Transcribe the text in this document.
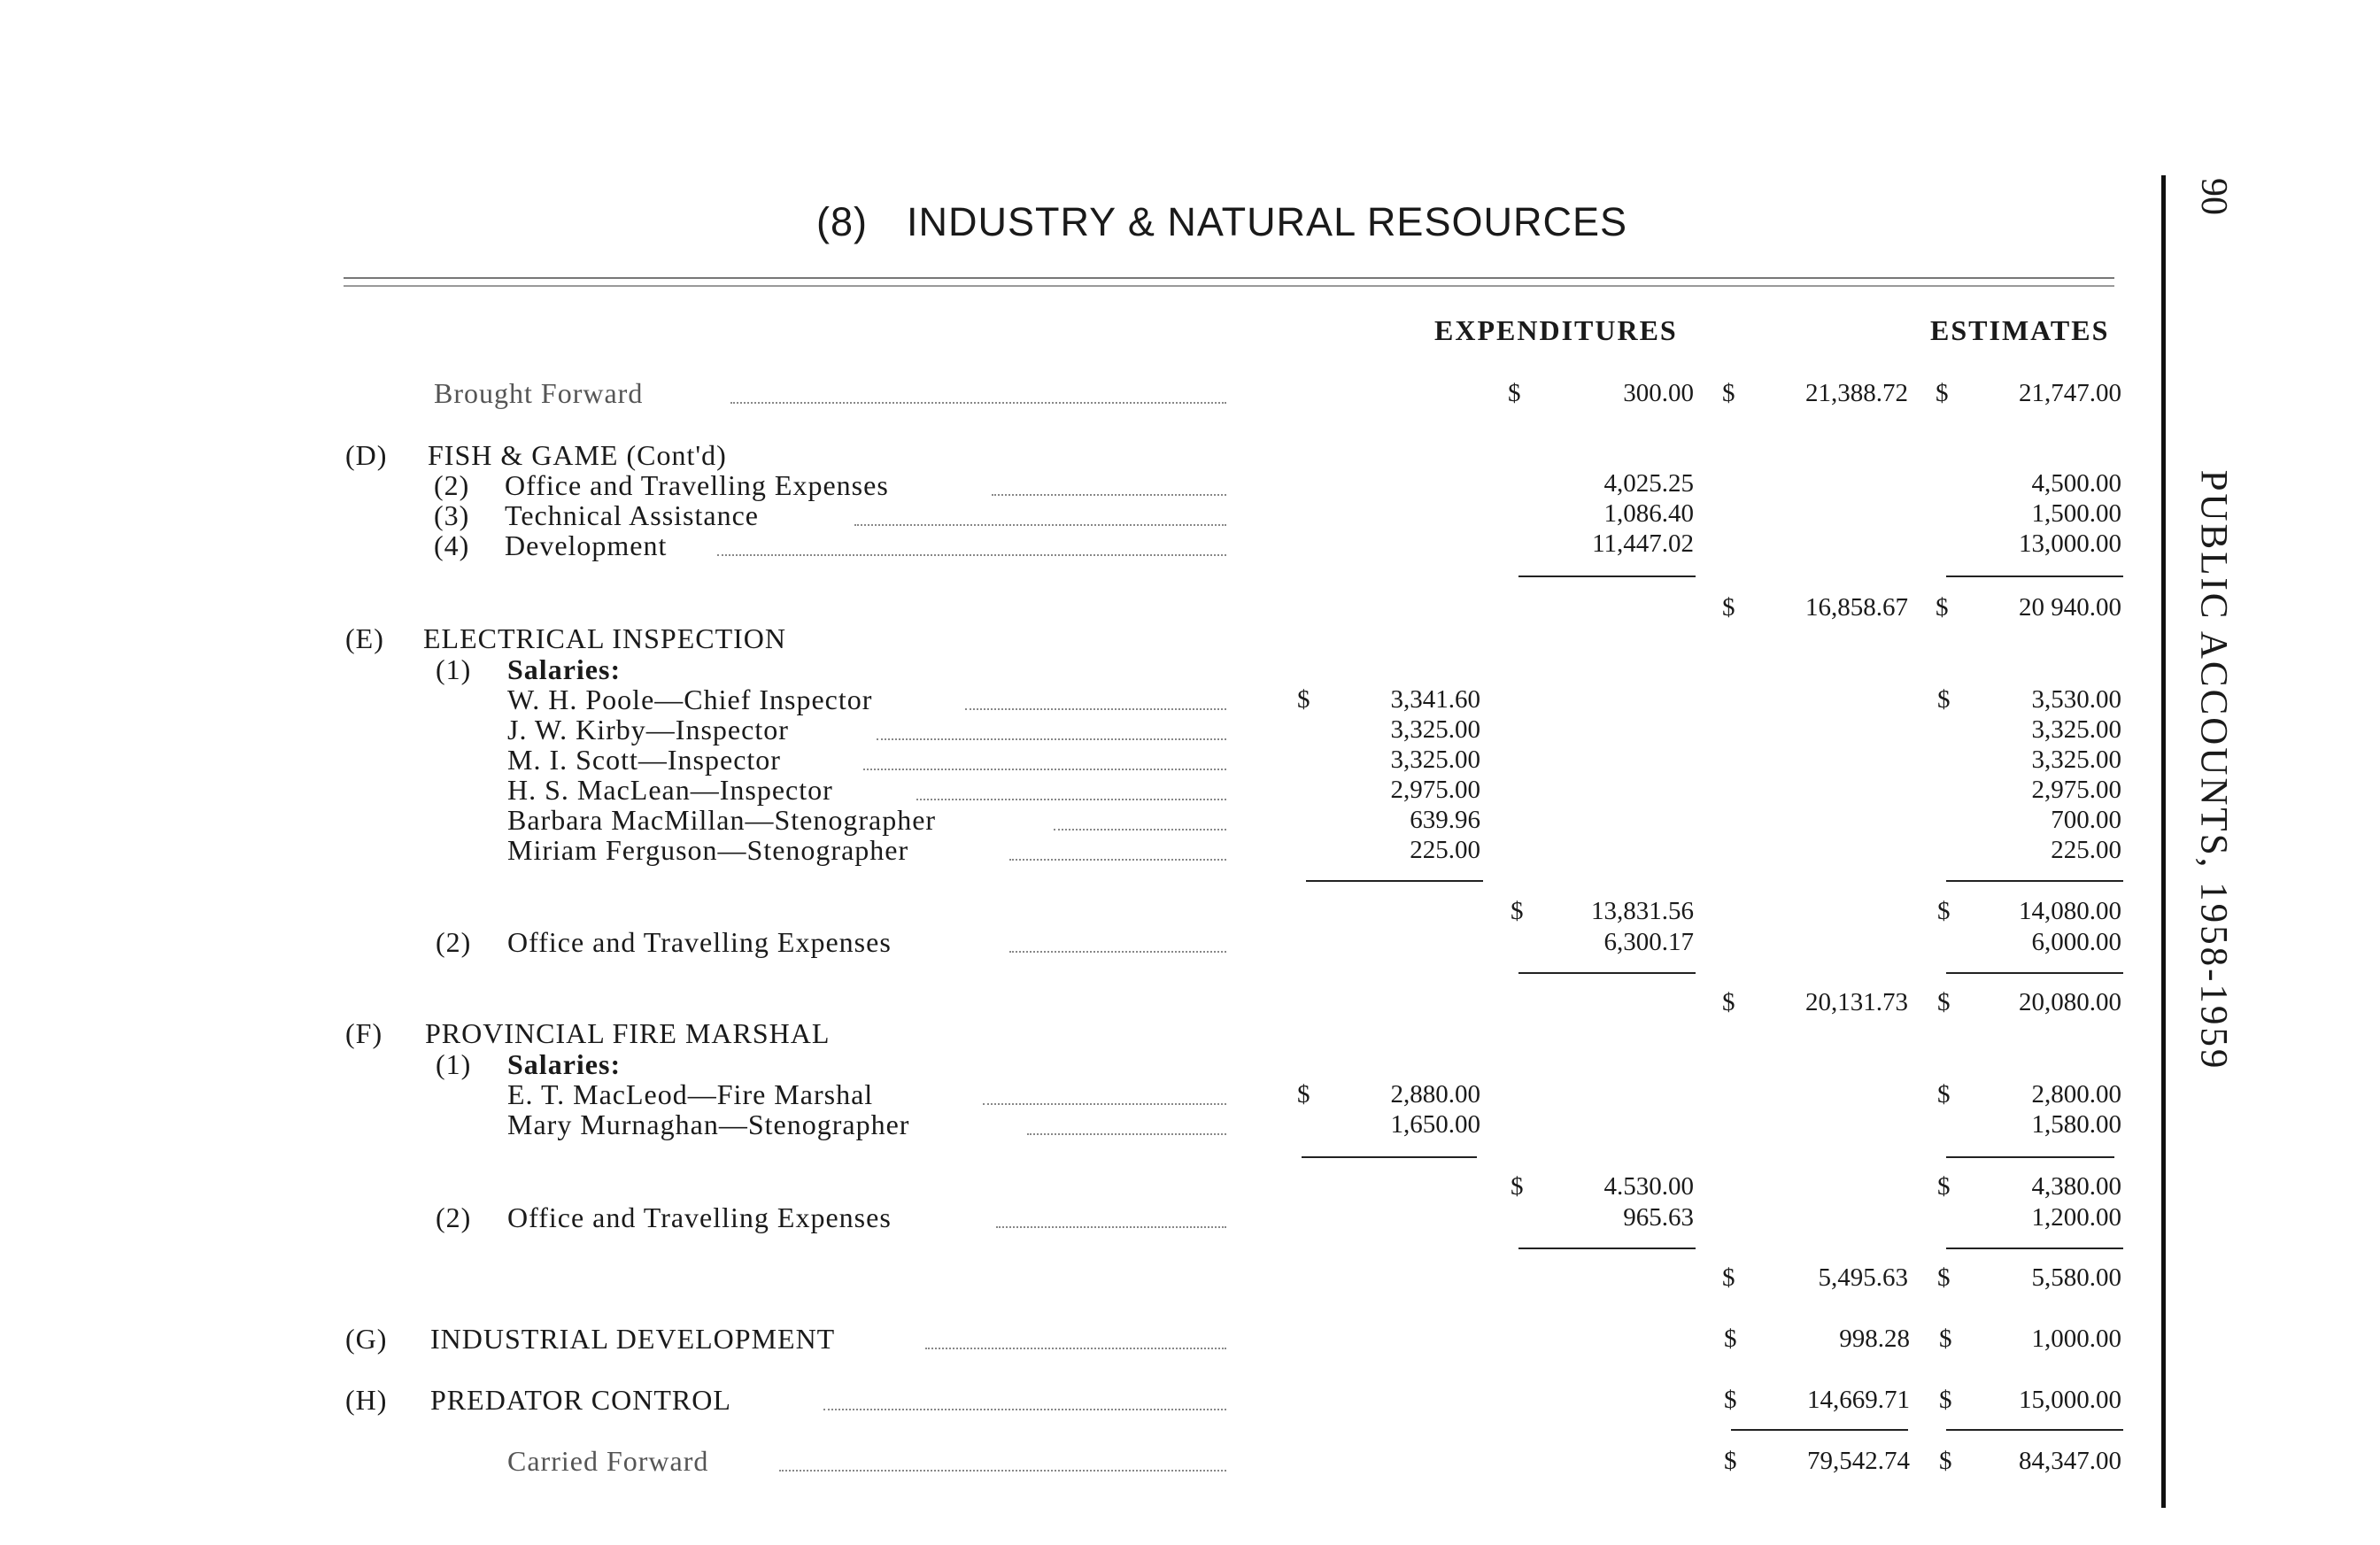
(8) INDUSTRY & NATURAL RESOURCES
EXPENDITURES	ESTIMATES
90
PUBLIC ACCOUNTS, 1958-1959
Brought Forward	$	300.00 $	21,388.72 $	21,747.00
(D) FISH & GAME (Cont'd)
(2) Office and Travelling Expenses	4,025.25	4,500.00
(3) Technical Assistance	1,086.40	1,500.00
(4) Development	11,447.02	13,000.00
$	16,858.67 $	20 940.00
(E) ELECTRICAL INSPECTION
(1) Salaries:
W. H. Poole—Chief Inspector	$	3,341.60	$	3,530.00
J. W. Kirby—Inspector	3,325.00	3,325.00
M. I. Scott—Inspector	3,325.00	3,325.00
H. S. MacLean—Inspector	2,975.00	2,975.00
Barbara MacMillan—Stenographer	639.96	700.00
Miriam Ferguson—Stenographer	225.00	225.00
$	13,831.56	$	14,080.00
(2) Office and Travelling Expenses	6,300.17	6,000.00
$	20,131.73 $	20,080.00
(F) PROVINCIAL FIRE MARSHAL
(1) Salaries:
E. T. MacLeod—Fire Marshal	$	2,880.00	$	2,800.00
Mary Murnaghan—Stenographer	1,650.00	1,580.00
$	4.530.00	$	4,380.00
(2) Office and Travelling Expenses	965.63	1,200.00
$	5,495.63 $	5,580.00
(G) INDUSTRIAL DEVELOPMENT	$	998.28 $	1,000.00
(H) PREDATOR CONTROL	$	14,669.71 $	15,000.00
Carried Forward	$	79,542.74 $	84,347.00
